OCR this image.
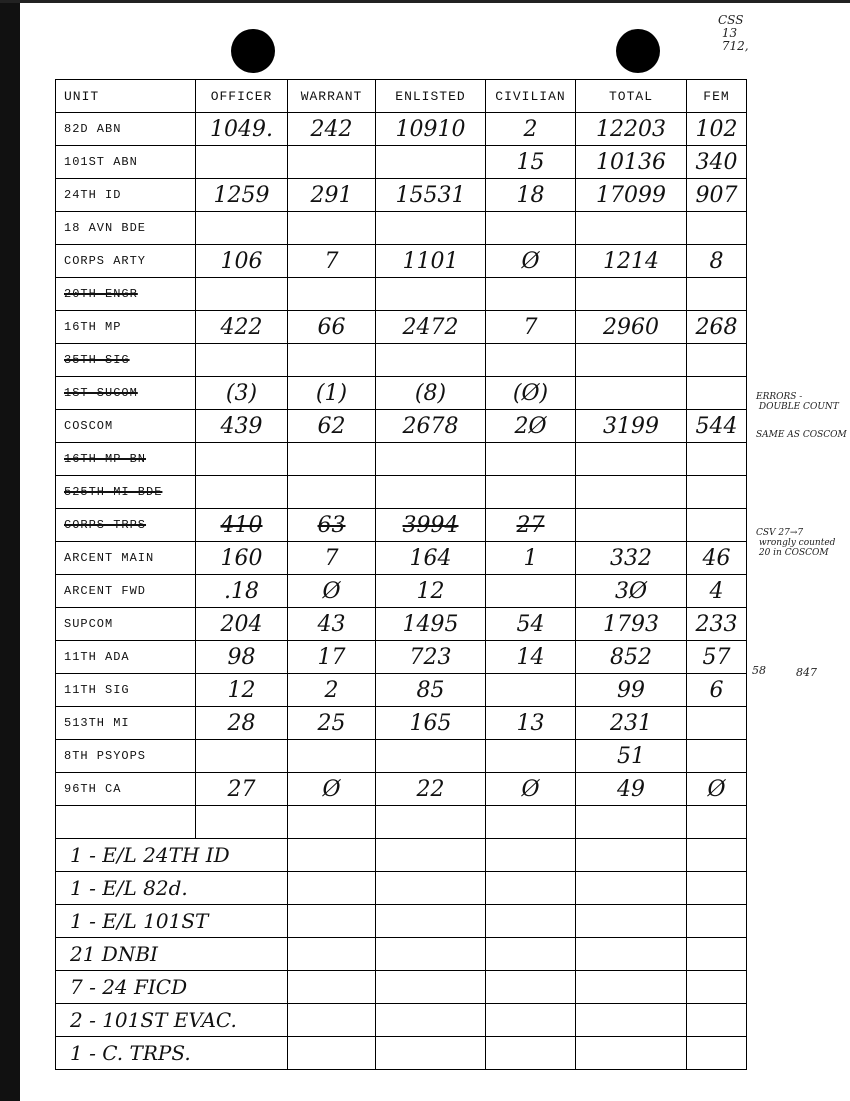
CSS
13
712,
UNIT	OFFICER	WARRANT	ENLISTED	CIVILIAN	TOTAL	FEM
82D ABN	1049.	242	10910	2	12203	102
101ST ABN				15	10136	340
24TH ID	1259	291	15531	18	17099	907
18 AVN BDE						
CORPS ARTY	106	7	1101	Ø	1214	8
20TH ENGR						
16TH MP	422	66	2472	7	2960	268
35TH SIG						
1ST SUCOM	(3)	(1)	(8)	(Ø)		
COSCOM	439	62	2678	2Ø	3199	544
16TH MP BN						
525TH MI BDE						
CORPS TRPS	410	63	3994	27		
ARCENT MAIN	160	7	164	1	332	46
ARCENT FWD	.18	Ø	12		3Ø	4
SUPCOM	204	43	1495	54	1793	233
11TH ADA	98	17	723	14	852	57
11TH SIG	12	2	85		99	6
513TH MI	28	25	165	13	231	
8TH PSYOPS					51	
96TH CA	27	Ø	22	Ø	49	Ø

1 - E/L 24TH ID						
1 - E/L 82d.						
1 - E/L 101ST						
21 DNBI						
7 - 24 FICD						
2 - 101ST EVAC.						
1 - C. TRPS.						
ERRORS -
DOUBLE COUNT
SAME AS COSCOM
CSV 27→7
wrongly counted
20 in COSCOM
58	847
